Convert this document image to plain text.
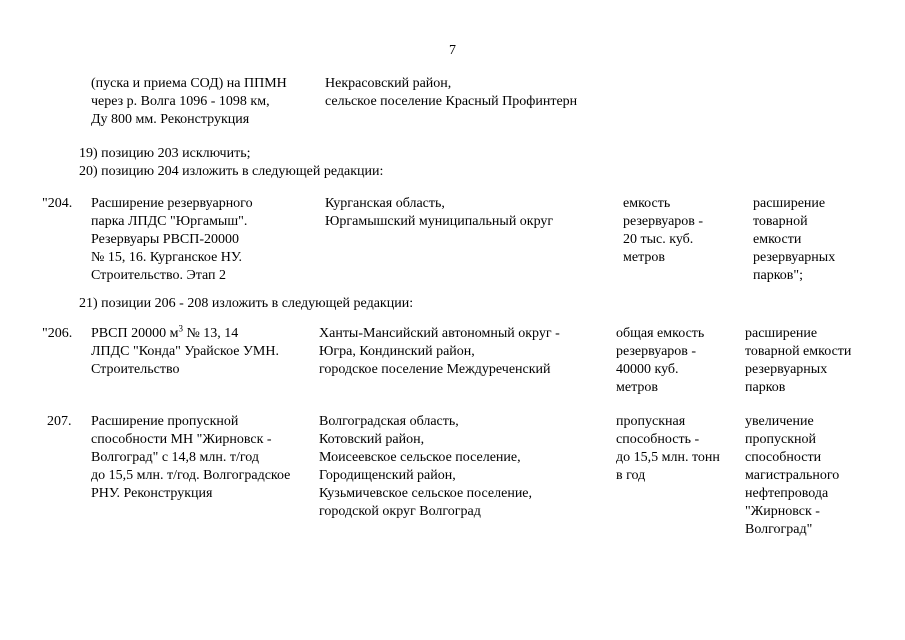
7
(пуска и приема СОД) на ППМН
через р. Волга 1096 - 1098 км,
Ду 800 мм. Реконструкция
Некрасовский район,
сельское поселение Красный Профинтерн
19) позицию 203 исключить;
20) позицию 204 изложить в следующей редакции:
"204. Расширение резервуарного
парка ЛПДС "Юргамыш".
Резервуары РВСП-20000
№ 15, 16. Курганское НУ.
Строительство. Этап 2
Курганская область,
Юргамышский муниципальный округ
емкость
резервуаров -
20 тыс. куб.
метров
расширение
товарной
емкости
резервуарных
парков";
21) позиции 206 - 208 изложить в следующей редакции:
"206. РВСП 20000 $м^3$ № 13, 14
ЛПДС "Конда" Урайское УМН.
Строительство
Ханты-Мансийский автономный округ -
Югра, Кондинский район,
городское поселение Междуреченский
общая емкость
резервуаров -
40000 куб.
метров
расширение
товарной емкости
резервуарных
парков
207. Расширение пропускной
способности МН "Жирновск -
Волгоград" с 14,8 млн. т/год
до 15,5 млн. т/год. Волгоградское
РНУ. Реконструкция
Волгоградская область,
Котовский район,
Моисеевское сельское поселение,
Городищенский район,
Кузьмичевское сельское поселение,
городской округ Волгоград
пропускная
способность -
до 15,5 млн. тонн
в год
увеличение
пропускной
способности
магистрального
нефтепровода
"Жирновск -
Волгоград"
